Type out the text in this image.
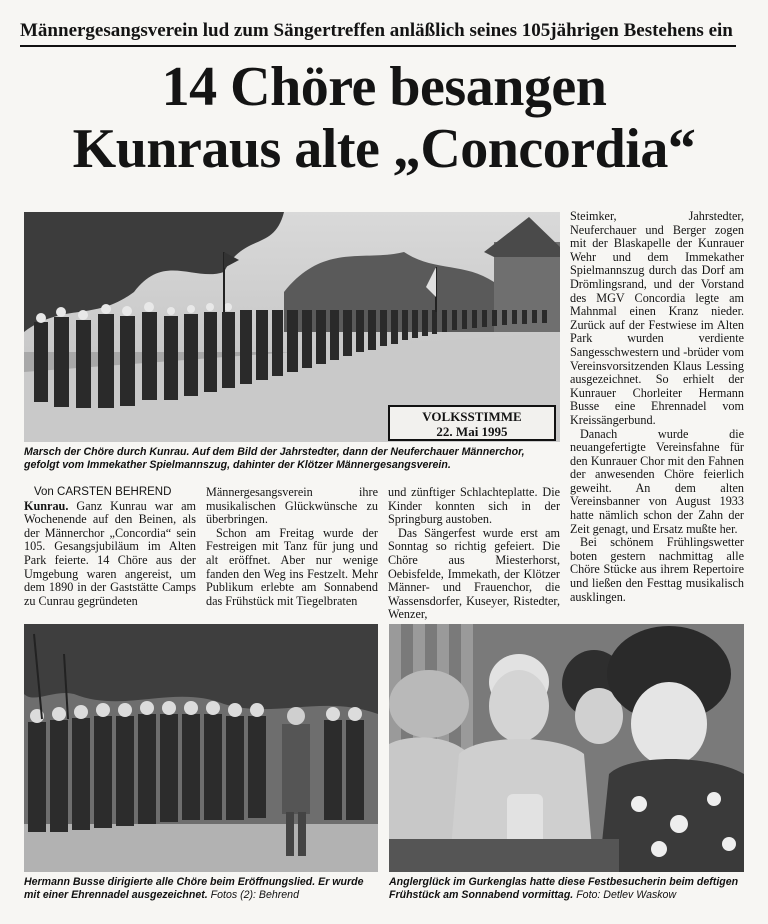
Männergesangsverein lud zum Sängertreffen anläßlich seines 105jährigen Bestehens ein
14 Chöre besangen
Kunraus alte „Concordia“
VOLKSSTIMME
22. Mai 1995
Marsch der Chöre durch Kunrau. Auf dem Bild der Jahrstedter, dann der Neuferchauer Männerchor, gefolgt vom Immekather Spielmannszug, dahinter der Klötzer Männergesangsverein.

Von CARSTEN BEHREND

Kunrau. Ganz Kunrau war am Wochenende auf den Beinen, als der Männerchor „Concordia“ sein 105. Gesangsjubiläum im Alten Park feierte. 14 Chöre aus der Umgebung waren angereist, um dem 1890 in der Gaststätte Camps zu Cunrau gegründeten

Männergesangsverein ihre musikalischen Glückwünsche zu überbringen.

Schon am Freitag wurde der Festreigen mit Tanz für jung und alt eröffnet. Aber nur wenige fanden den Weg ins Festzelt. Mehr Publikum erlebte am Sonnabend das Frühstück mit Tiegelbraten

und zünftiger Schlachteplatte. Die Kinder konnten sich in der Springburg austoben.

Das Sängerfest wurde erst am Sonntag so richtig gefeiert. Die Chöre aus Miesterhorst, Oebisfelde, Immekath, der Klötzer Männer- und Frauenchor, die Wassensdorfer, Kuseyer, Ristedter, Wenzer,

Steimker, Jahrstedter, Neuferchauer und Berger zogen mit der Blaskapelle der Kunrauer Wehr und dem Immekather Spielmannszug durch das Dorf am Drömlingsrand, und der Vorstand des MGV Concordia legte am Mahnmal einen Kranz nieder. Zurück auf der Festwiese im Alten Park wurden verdiente Sangesschwestern und -brüder vom Vereinsvorsitzenden Klaus Lessing ausgezeichnet. So erhielt der Kunrauer Chorleiter Hermann Busse eine Ehrennadel vom Kreissängerbund.

Danach wurde die neuangefertigte Vereinsfahne für den Kunrauer Chor mit den Fahnen der anwesenden Chöre feierlich geweiht. An dem alten Vereinsbanner von August 1933 hatte nämlich schon der Zahn der Zeit genagt, und Ersatz mußte her.

Bei schönem Frühlingswetter boten gestern nachmittag alle Chöre Stücke aus ihrem Repertoire und ließen den Festtag musikalisch ausklingen.

Hermann Busse dirigierte alle Chöre beim Eröffnungslied. Er wurde mit einer Ehrennadel ausgezeichnet. Fotos (2): Behrend
Anglerglück im Gurkenglas hatte diese Festbesucherin beim deftigen Frühstück am Sonnabend vormittag. Foto: Detlev Waskow
